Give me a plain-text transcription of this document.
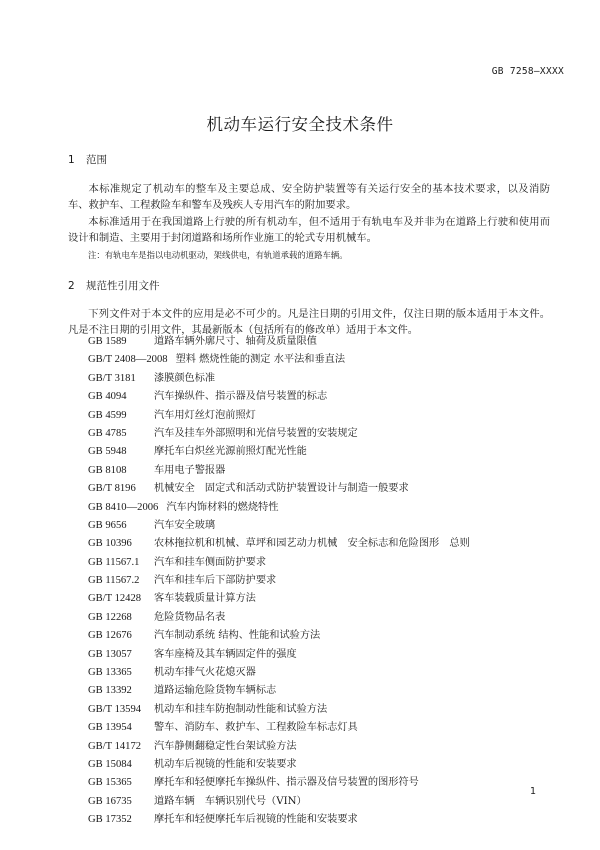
GB 7258—XXXX
机动车运行安全技术条件
1 范围
本标准规定了机动车的整车及主要总成、安全防护装置等有关运行安全的基本技术要求，以及消防车、救护车、工程救险车和警车及残疾人专用汽车的附加要求。
本标准适用于在我国道路上行驶的所有机动车，但不适用于有轨电车及并非为在道路上行驶和使用而设计和制造、主要用于封闭道路和场所作业施工的轮式专用机械车。
注：有轨电车是指以电动机驱动，架线供电，有轨道承载的道路车辆。
2 规范性引用文件
下列文件对于本文件的应用是必不可少的。凡是注日期的引用文件，仅注日期的版本适用于本文件。凡是不注日期的引用文件，其最新版本（包括所有的修改单）适用于本文件。
GB 1589	道路车辆外廓尺寸、轴荷及质量限值
GB/T 2408—2008 塑料 燃烧性能的测定 水平法和垂直法
GB/T 3181 漆膜颜色标准
GB 4094	汽车操纵件、指示器及信号装置的标志
GB 4599	汽车用灯丝灯泡前照灯
GB 4785	汽车及挂车外部照明和光信号装置的安装规定
GB 5948	摩托车白炽丝光源前照灯配光性能
GB 8108	车用电子警报器
GB/T 8196 机械安全　固定式和活动式防护装置设计与制造一般要求
GB 8410—2006 汽车内饰材料的燃烧特性
GB 9656	汽车安全玻璃
GB 10396 农林拖拉机和机械、草坪和园艺动力机械　安全标志和危险图形　总则
GB 11567.1 汽车和挂车侧面防护要求
GB 11567.2 汽车和挂车后下部防护要求
GB/T 12428 客车装载质量计算方法
GB 12268 危险货物品名表
GB 12676 汽车制动系统 结构、性能和试验方法
GB 13057 客车座椅及其车辆固定件的强度
GB 13365 机动车排气火花熄灭器
GB 13392 道路运输危险货物车辆标志
GB/T 13594 机动车和挂车防抱制动性能和试验方法
GB 13954 警车、消防车、救护车、工程救险车标志灯具
GB/T 14172 汽车静侧翻稳定性台架试验方法
GB 15084 机动车后视镜的性能和安装要求
GB 15365 摩托车和轻便摩托车操纵件、指示器及信号装置的图形符号
GB 16735 道路车辆　车辆识别代号（VIN）
GB 17352 摩托车和轻便摩托车后视镜的性能和安装要求
1
